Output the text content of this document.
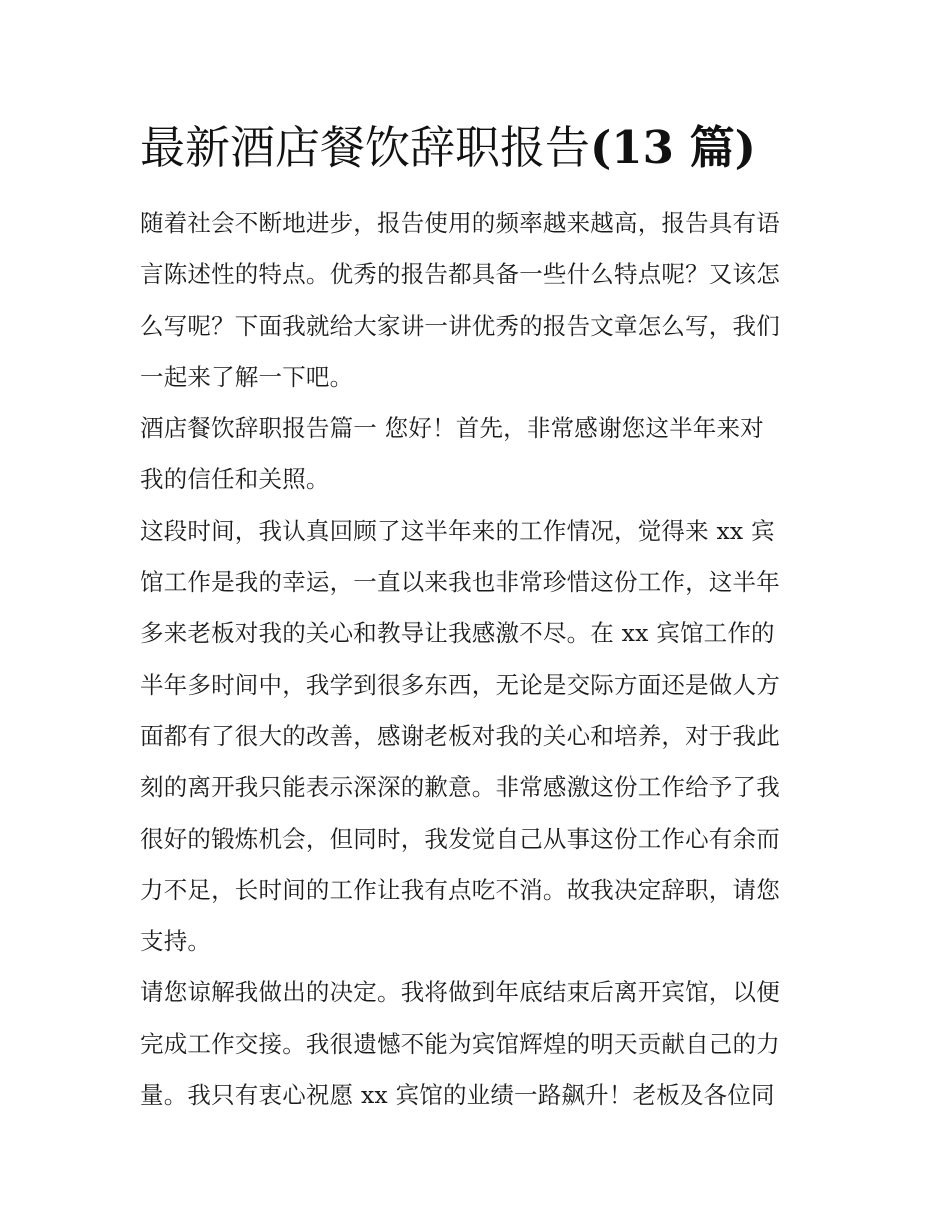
最新酒店餐饮辞职报告(13 篇)
随着社会不断地进步，报告使用的频率越来越高，报告具有语
言陈述性的特点。优秀的报告都具备一些什么特点呢？又该怎
么写呢？下面我就给大家讲一讲优秀的报告文章怎么写，我们
一起来了解一下吧。
酒店餐饮辞职报告篇一 您好！首先，非常感谢您这半年来对
我的信任和关照。
这段时间，我认真回顾了这半年来的工作情况，觉得来 xx 宾
馆工作是我的幸运，一直以来我也非常珍惜这份工作，这半年
多来老板对我的关心和教导让我感激不尽。在 xx 宾馆工作的
半年多时间中，我学到很多东西，无论是交际方面还是做人方
面都有了很大的改善，感谢老板对我的关心和培养，对于我此
刻的离开我只能表示深深的歉意。非常感激这份工作给予了我
很好的锻炼机会，但同时，我发觉自己从事这份工作心有余而
力不足，长时间的工作让我有点吃不消。故我决定辞职，请您
支持。
请您谅解我做出的决定。我将做到年底结束后离开宾馆，以便
完成工作交接。我很遗憾不能为宾馆辉煌的明天贡献自己的力
量。我只有衷心祝愿 xx 宾馆的业绩一路飙升！老板及各位同
